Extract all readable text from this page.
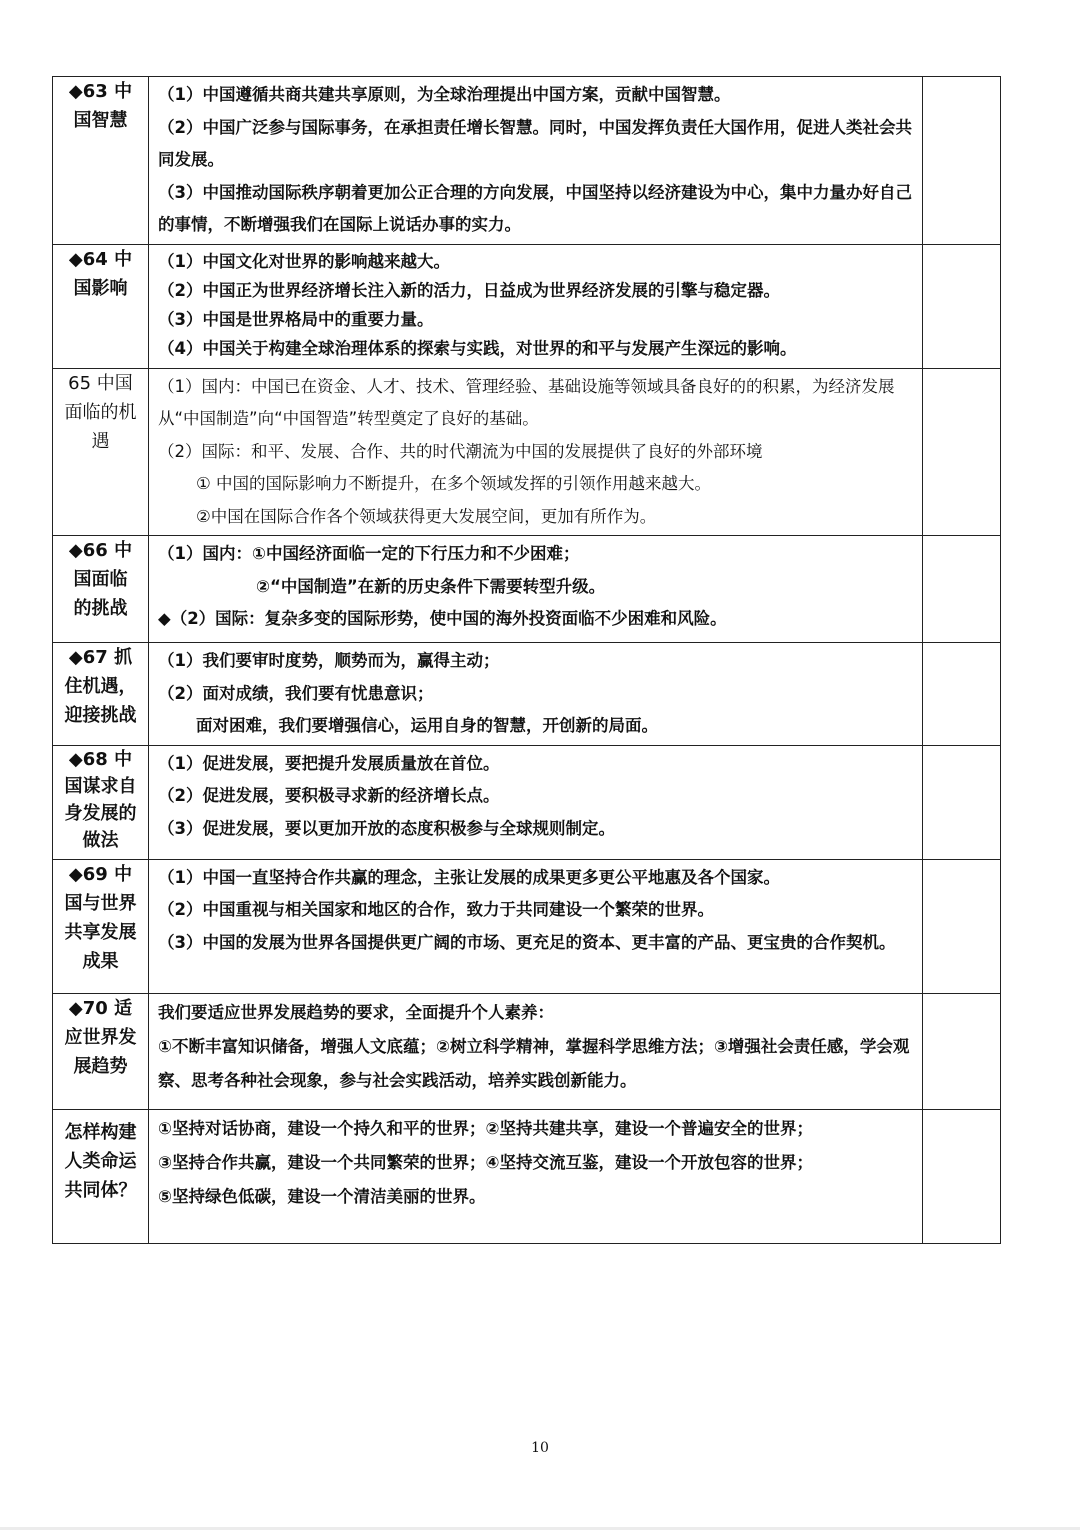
◆63 中国智慧	（1）中国遵循共商共建共享原则，为全球治理提出中国方案，贡献中国智慧。
（2）中国广泛参与国际事务，在承担责任增长智慧。同时，中国发挥负责任大国作用，促进人类社会共同发展。
（3）中国推动国际秩序朝着更加公正合理的方向发展，中国坚持以经济建设为中心，集中力量办好自己的事情，不断增强我们在国际上说话办事的实力。	

◆64 中国影响	（1）中国文化对世界的影响越来越大。
（2）中国正为世界经济增长注入新的活力，日益成为世界经济发展的引擎与稳定器。
（3）中国是世界格局中的重要力量。
（4）中国关于构建全球治理体系的探索与实践，对世界的和平与发展产生深远的影响。	

65 中国面临的机遇	（1）国内：中国已在资金、人才、技术、管理经验、基础设施等领域具备良好的的积累，为经济发展从“中国制造”向“中国智造”转型奠定了良好的基础。
（2）国际：和平、发展、合作、共的时代潮流为中国的发展提供了良好的外部环境
① 中国的国际影响力不断提升，在多个领域发挥的引领作用越来越大。
②中国在国际合作各个领域获得更大发展空间，更加有所作为。	

◆66 中国面临的挑战	（1）国内：①中国经济面临一定的下行压力和不少困难；
②“中国制造”在新的历史条件下需要转型升级。
◆（2）国际：复杂多变的国际形势，使中国的海外投资面临不少困难和风险。	

◆67 抓住机遇，迎接挑战	（1）我们要审时度势，顺势而为，赢得主动；
（2）面对成绩，我们要有忧患意识；
面对困难，我们要增强信心，运用自身的智慧，开创新的局面。	

◆68 中国谋求自身发展的做法	（1）促进发展，要把提升发展质量放在首位。
（2）促进发展，要积极寻求新的经济增长点。
（3）促进发展，要以更加开放的态度积极参与全球规则制定。	

◆69 中国与世界共享发展成果	（1）中国一直坚持合作共赢的理念，主张让发展的成果更多更公平地惠及各个国家。
（2）中国重视与相关国家和地区的合作，致力于共同建设一个繁荣的世界。
（3）中国的发展为世界各国提供更广阔的市场、更充足的资本、更丰富的产品、更宝贵的合作契机。	

◆70 适应世界发展趋势	我们要适应世界发展趋势的要求，全面提升个人素养：
①不断丰富知识储备，增强人文底蕴；②树立科学精神，掌握科学思维方法；③增强社会责任感，学会观察、思考各种社会现象，参与社会实践活动，培养实践创新能力。	

怎样构建人类命运共同体？	①坚持对话协商，建设一个持久和平的世界；②坚持共建共享，建设一个普遍安全的世界；
③坚持合作共赢，建设一个共同繁荣的世界；④坚持交流互鉴，建设一个开放包容的世界；
⑤坚持绿色低碳，建设一个清洁美丽的世界。	

10
